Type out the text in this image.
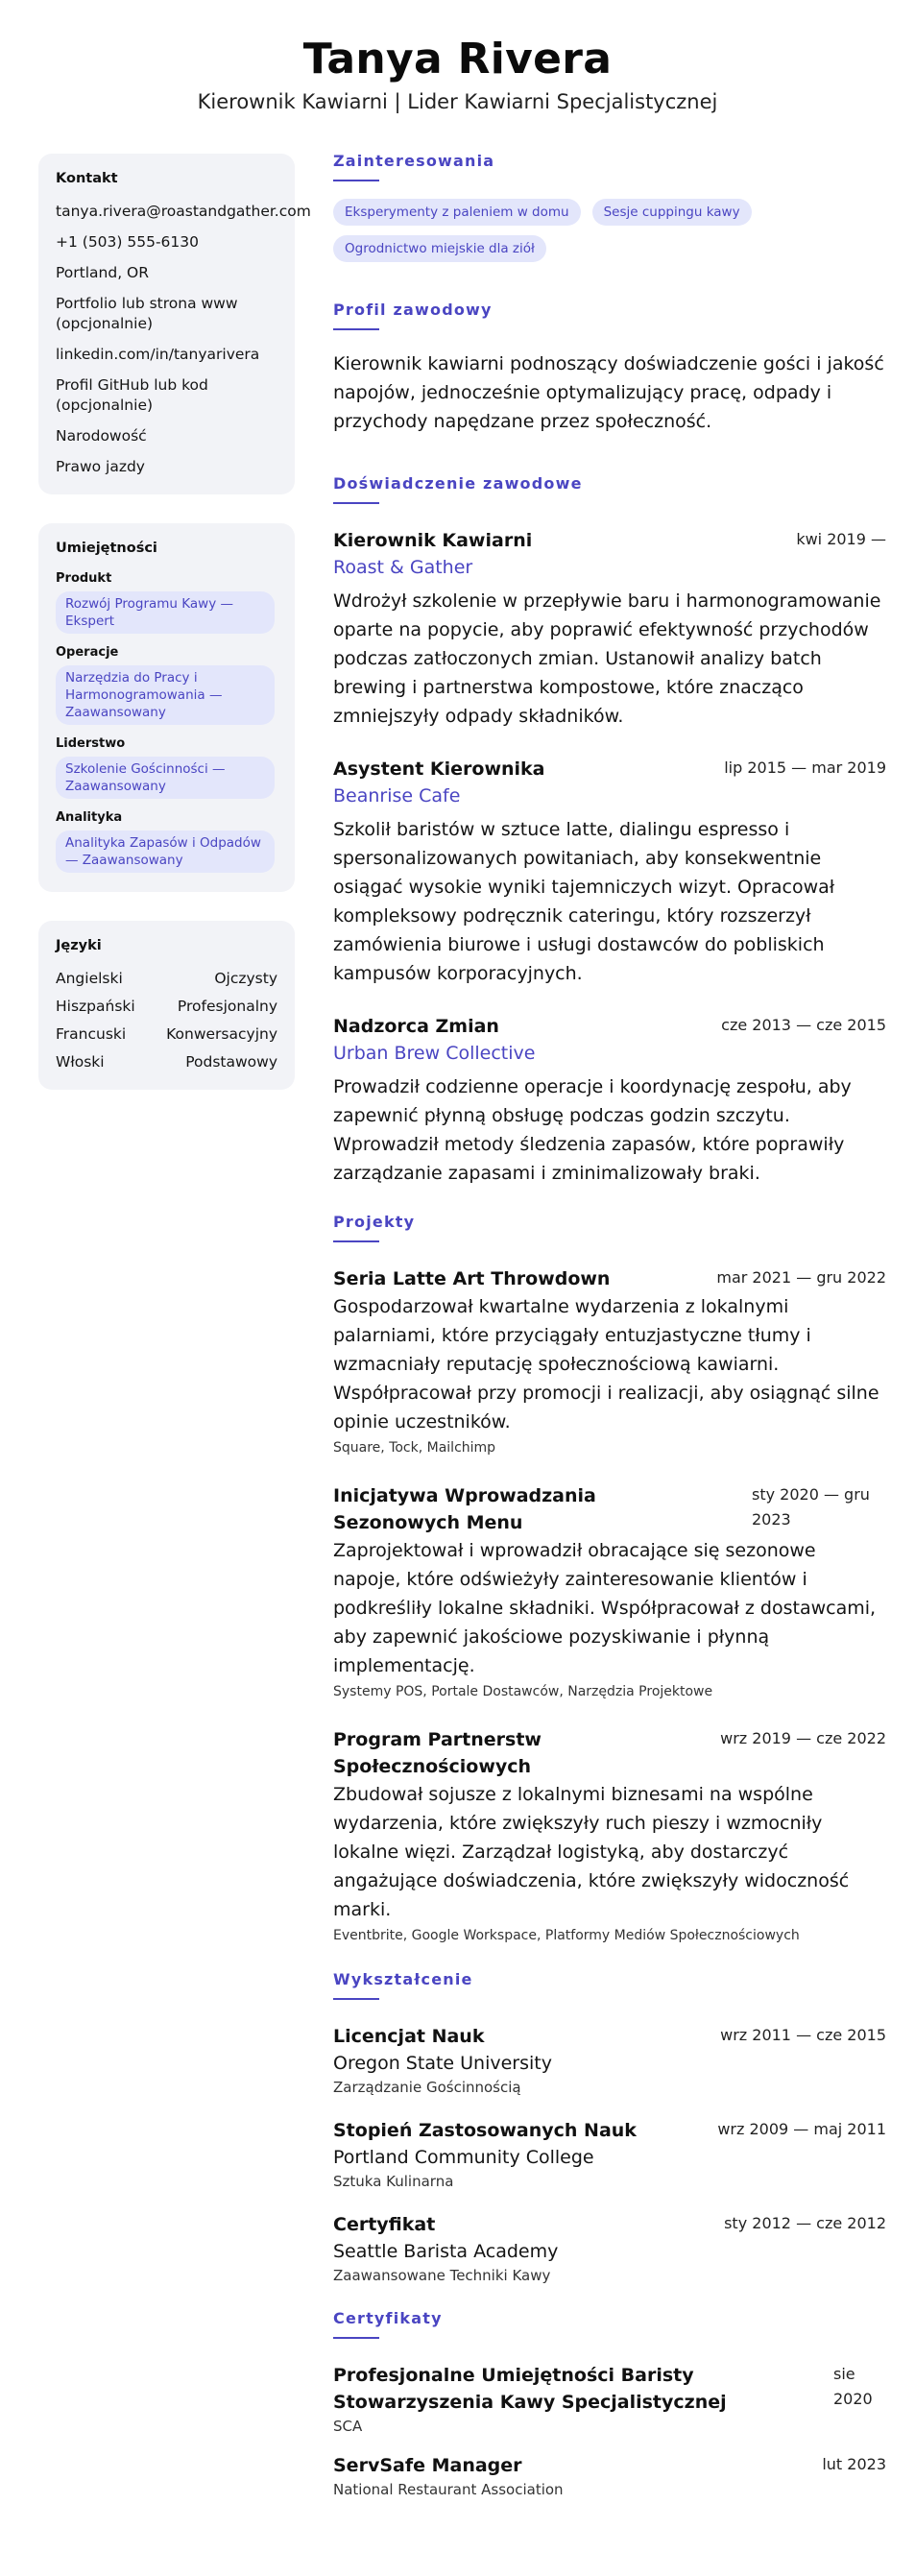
Tanya Rivera
Kierownik Kawiarni | Lider Kawiarni Specjalistycznej
Kontakt
tanya.rivera@roastandgather.com
+1 (503) 555-6130
Portland, OR
Portfolio lub strona www (opcjonalnie)
linkedin.com/in/tanyarivera
Profil GitHub lub kod (opcjonalnie)
Narodowość
Prawo jazdy
Umiejętności
Produkt
Rozwój Programu Kawy — Ekspert
Operacje
Narzędzia do Pracy i Harmonogramowania — Zaawansowany
Liderstwo
Szkolenie Gościnności — Zaawansowany
Analityka
Analityka Zapasów i Odpadów — Zaawansowany
Języki
Angielski	Ojczysty
Hiszpański	Profesjonalny
Francuski	Konwersacyjny
Włoski	Podstawowy
Zainteresowania
Eksperymenty z paleniem w domu	Sesje cuppingu kawy
Ogrodnictwo miejskie dla ziół
Profil zawodowy
Kierownik kawiarni podnoszący doświadczenie gości i jakość napojów, jednocześnie optymalizujący pracę, odpady i przychody napędzane przez społeczność.
Doświadczenie zawodowe
Kierownik Kawiarni	kwi 2019 —
Roast & Gather
Wdrożył szkolenie w przepływie baru i harmonogramowanie oparte na popycie, aby poprawić efektywność przychodów podczas zatłoczonych zmian. Ustanowił analizy batch brewing i partnerstwa kompostowe, które znacząco zmniejszyły odpady składników.
Asystent Kierownika	lip 2015 — mar 2019
Beanrise Cafe
Szkolił baristów w sztuce latte, dialingu espresso i spersonalizowanych powitaniach, aby konsekwentnie osiągać wysokie wyniki tajemniczych wizyt. Opracował kompleksowy podręcznik cateringu, który rozszerzył zamówienia biurowe i usługi dostawców do pobliskich kampusów korporacyjnych.
Nadzorca Zmian	cze 2013 — cze 2015
Urban Brew Collective
Prowadził codzienne operacje i koordynację zespołu, aby zapewnić płynną obsługę podczas godzin szczytu. Wprowadził metody śledzenia zapasów, które poprawiły zarządzanie zapasami i zminimalizowały braki.
Projekty
Seria Latte Art Throwdown	mar 2021 — gru 2022
Gospodarzował kwartalne wydarzenia z lokalnymi palarniami, które przyciągały entuzjastyczne tłumy i wzmacniały reputację społecznościową kawiarni. Współpracował przy promocji i realizacji, aby osiągnąć silne opinie uczestników.
Square, Tock, Mailchimp
Inicjatywa Wprowadzania Sezonowych Menu
sty 2020 — gru 2023
Zaprojektował i wprowadził obracające się sezonowe napoje, które odświeżyły zainteresowanie klientów i podkreśliły lokalne składniki. Współpracował z dostawcami, aby zapewnić jakościowe pozyskiwanie i płynną implementację.
Systemy POS, Portale Dostawców, Narzędzia Projektowe
Program Partnerstw Społecznościowych
wrz 2019 — cze 2022
Zbudował sojusze z lokalnymi biznesami na wspólne wydarzenia, które zwiększyły ruch pieszy i wzmocniły lokalne więzi. Zarządzał logistyką, aby dostarczyć angażujące doświadczenia, które zwiększyły widoczność marki.
Eventbrite, Google Workspace, Platformy Mediów Społecznościowych
Wykształcenie
Licencjat Nauk	wrz 2011 — cze 2015
Oregon State University
Zarządzanie Gościnnością
Stopień Zastosowanych Nauk	wrz 2009 — maj 2011
Portland Community College
Sztuka Kulinarna
Certyfikat	sty 2012 — cze 2012
Seattle Barista Academy
Zaawansowane Techniki Kawy
Certyfikaty
Profesjonalne Umiejętności Baristy Stowarzyszenia Kawy Specjalistycznej
sie 2020
SCA
ServSafe Manager	lut 2023
National Restaurant Association
